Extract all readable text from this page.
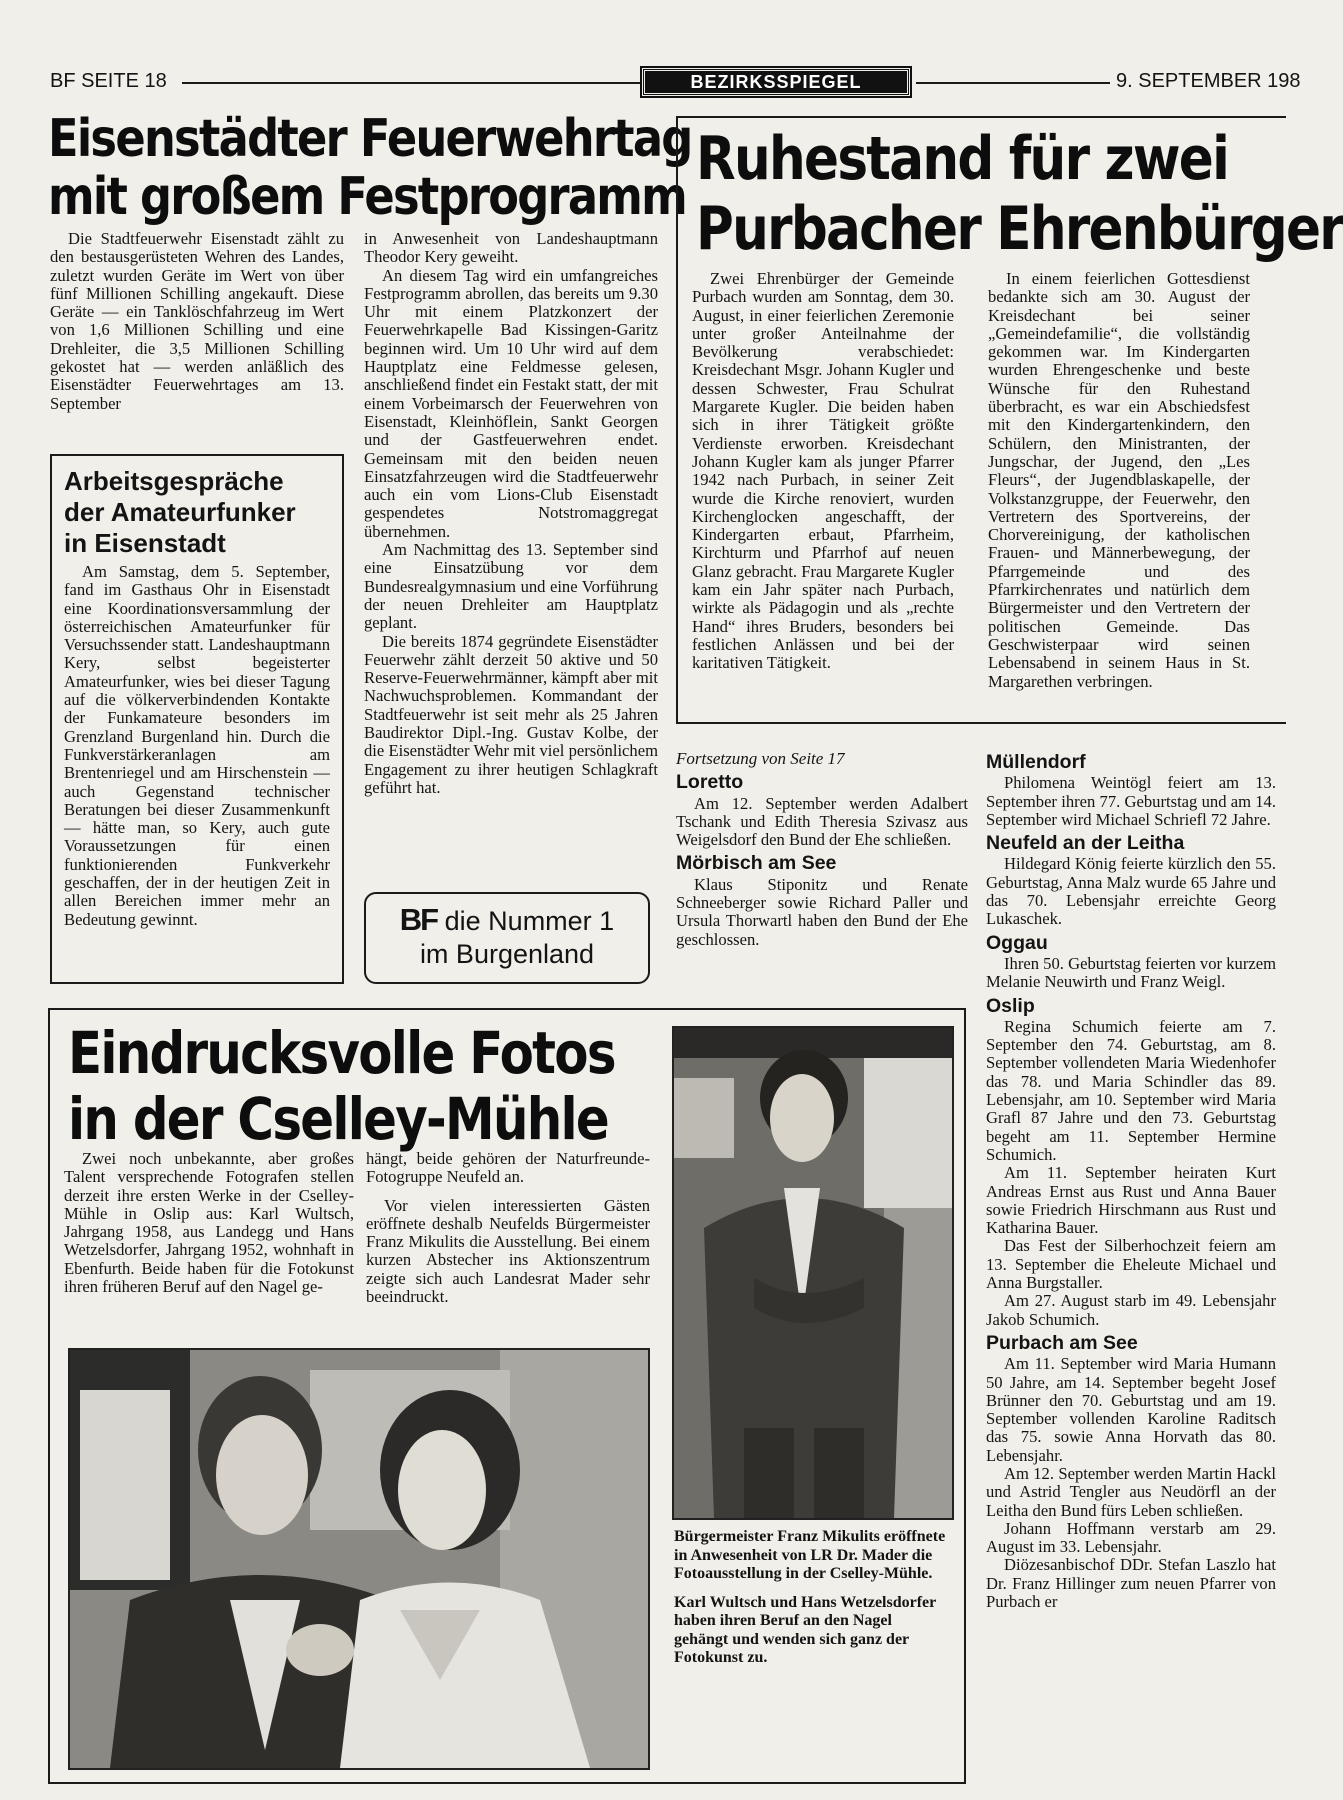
BF SEITE 18	BEZIRKSSPIEGEL	9. SEPTEMBER 198
Eisenstädter Feuerwehrtag
mit großem Festprogramm

Die Stadtfeuerwehr Eisenstadt zählt zu den bestausgerüsteten Wehren des Landes, zuletzt wurden Geräte im Wert von über fünf Millionen Schilling angekauft. Diese Geräte — ein Tanklöschfahrzeug im Wert von 1,6 Millionen Schilling und eine Drehleiter, die 3,5 Millionen Schilling gekostet hat — werden anläßlich des Eisenstädter Feuerwehrtages am 13. September

in Anwesenheit von Landeshauptmann Theodor Kery geweiht.

An diesem Tag wird ein umfangreiches Festprogramm abrollen, das bereits um 9.30 Uhr mit einem Platzkonzert der Feuerwehrkapelle Bad Kissingen-Garitz beginnen wird. Um 10 Uhr wird auf dem Hauptplatz eine Feldmesse gelesen, anschließend findet ein Festakt statt, der mit einem Vorbeimarsch der Feuerwehren von Eisenstadt, Kleinhöflein, Sankt Georgen und der Gastfeuerwehren endet. Gemeinsam mit den beiden neuen Einsatzfahrzeugen wird die Stadtfeuerwehr auch ein vom Lions-Club Eisenstadt gespendetes Notstromaggregat übernehmen.

Am Nachmittag des 13. September sind eine Einsatzübung vor dem Bundesrealgymnasium und eine Vorführung der neuen Drehleiter am Hauptplatz geplant.

Die bereits 1874 gegründete Eisenstädter Feuerwehr zählt derzeit 50 aktive und 50 Reserve-Feuerwehrmänner, kämpft aber mit Nachwuchsproblemen. Kommandant der Stadtfeuerwehr ist seit mehr als 25 Jahren Baudirektor Dipl.-Ing. Gustav Kolbe, der die Eisenstädter Wehr mit viel persönlichem Engagement zu ihrer heutigen Schlagkraft geführt hat.

Arbeitsgespräche
der Amateurfunker
in Eisenstadt

Am Samstag, dem 5. September, fand im Gasthaus Ohr in Eisenstadt eine Koordinationsversammlung der österreichischen Amateurfunker für Versuchssender statt. Landeshauptmann Kery, selbst begeisterter Amateurfunker, wies bei dieser Tagung auf die völkerverbindenden Kontakte der Funkamateure besonders im Grenzland Burgenland hin. Durch die Funkverstärkeranlagen am Brentenriegel und am Hirschenstein — auch Gegenstand technischer Beratungen bei dieser Zusammenkunft — hätte man, so Kery, auch gute Voraussetzungen für einen funktionierenden Funkverkehr geschaffen, der in der heutigen Zeit in allen Bereichen immer mehr an Bedeutung gewinnt.	BF die Nummer 1
im Burgenland
Ruhestand für zwei
Purbacher Ehrenbürger

Zwei Ehrenbürger der Gemeinde Purbach wurden am Sonntag, dem 30. August, in einer feierlichen Zeremonie unter großer Anteilnahme der Bevölkerung verabschiedet: Kreisdechant Msgr. Johann Kugler und dessen Schwester, Frau Schulrat Margarete Kugler. Die beiden haben sich in ihrer Tätigkeit größte Verdienste erworben. Kreisdechant Johann Kugler kam als junger Pfarrer 1942 nach Purbach, in seiner Zeit wurde die Kirche renoviert, wurden Kirchenglocken angeschafft, der Kindergarten erbaut, Pfarrheim, Kirchturm und Pfarrhof auf neuen Glanz gebracht. Frau Margarete Kugler kam ein Jahr später nach Purbach, wirkte als Pädagogin und als „rechte Hand“ ihres Bruders, besonders bei festlichen Anlässen und bei der karitativen Tätigkeit.

In einem feierlichen Gottesdienst bedankte sich am 30. August der Kreisdechant bei seiner „Gemeindefamilie“, die vollständig gekommen war. Im Kindergarten wurden Ehrengeschenke und beste Wünsche für den Ruhestand überbracht, es war ein Abschiedsfest mit den Kindergartenkindern, den Schülern, den Ministranten, der Jungschar, der Jugend, den „Les Fleurs“, der Jugendblaskapelle, der Volkstanzgruppe, der Feuerwehr, den Vertretern des Sportvereins, der Chorvereinigung, der katholischen Frauen- und Männerbewegung, der Pfarrgemeinde und des Pfarrkirchenrates und natürlich dem Bürgermeister und den Vertretern der politischen Gemeinde. Das Geschwisterpaar wird seinen Lebensabend in seinem Haus in St. Margarethen verbringen.

Fortsetzung von Seite 17
Loretto

Am 12. September werden Adalbert Tschank und Edith Theresia Szivasz aus Weigelsdorf den Bund der Ehe schließen.

Mörbisch am See

Klaus Stiponitz und Renate Schneeberger sowie Richard Paller und Ursula Thorwartl haben den Bund der Ehe geschlossen.

Müllendorf

Philomena Weintögl feiert am 13. September ihren 77. Geburtstag und am 14. September wird Michael Schriefl 72 Jahre.

Neufeld an der Leitha

Hildegard König feierte kürzlich den 55. Geburtstag, Anna Malz wurde 65 Jahre und das 70. Lebensjahr erreichte Georg Lukaschek.

Oggau

Ihren 50. Geburtstag feierten vor kurzem Melanie Neuwirth und Franz Weigl.

Oslip

Regina Schumich feierte am 7. September den 74. Geburtstag, am 8. September vollendeten Maria Wiedenhofer das 78. und Maria Schindler das 89. Lebensjahr, am 10. September wird Maria Grafl 87 Jahre und den 73. Geburtstag begeht am 11. September Hermine Schumich.

Am 11. September heiraten Kurt Andreas Ernst aus Rust und Anna Bauer sowie Friedrich Hirschmann aus Rust und Katharina Bauer.

Das Fest der Silberhochzeit feiern am 13. September die Eheleute Michael und Anna Burgstaller.

Am 27. August starb im 49. Lebensjahr Jakob Schumich.

Purbach am See

Am 11. September wird Maria Humann 50 Jahre, am 14. September begeht Josef Brünner den 70. Geburtstag und am 19. September vollenden Karoline Raditsch das 75. sowie Anna Horvath das 80. Lebensjahr.

Am 12. September werden Martin Hackl und Astrid Tengler aus Neudörfl an der Leitha den Bund fürs Leben schließen.

Johann Hoffmann verstarb am 29. August im 33. Lebensjahr.

Diözesanbischof DDr. Stefan Laszlo hat Dr. Franz Hillinger zum neuen Pfarrer von Purbach er

Eindrucksvolle Fotos
in der Cselley-Mühle

Zwei noch unbekannte, aber großes Talent versprechende Fotografen stellen derzeit ihre ersten Werke in der Cselley-Mühle in Oslip aus: Karl Wultsch, Jahrgang 1958, aus Landegg und Hans Wetzelsdorfer, Jahrgang 1952, wohnhaft in Ebenfurth. Beide haben für die Fotokunst ihren früheren Beruf auf den Nagel ge-

hängt, beide gehören der Naturfreunde-Fotogruppe Neufeld an.

Vor vielen interessierten Gästen eröffnete deshalb Neufelds Bürgermeister Franz Mikulits die Ausstellung. Bei einem kurzen Abstecher ins Aktionszentrum zeigte sich auch Landesrat Mader sehr beeindruckt.

Bürgermeister Franz Mikulits eröffnete in Anwesenheit von LR Dr. Mader die Fotoausstellung in der Cselley-Mühle.

Karl Wultsch und Hans Wetzelsdorfer haben ihren Beruf an den Nagel gehängt und wenden sich ganz der Fotokunst zu.
